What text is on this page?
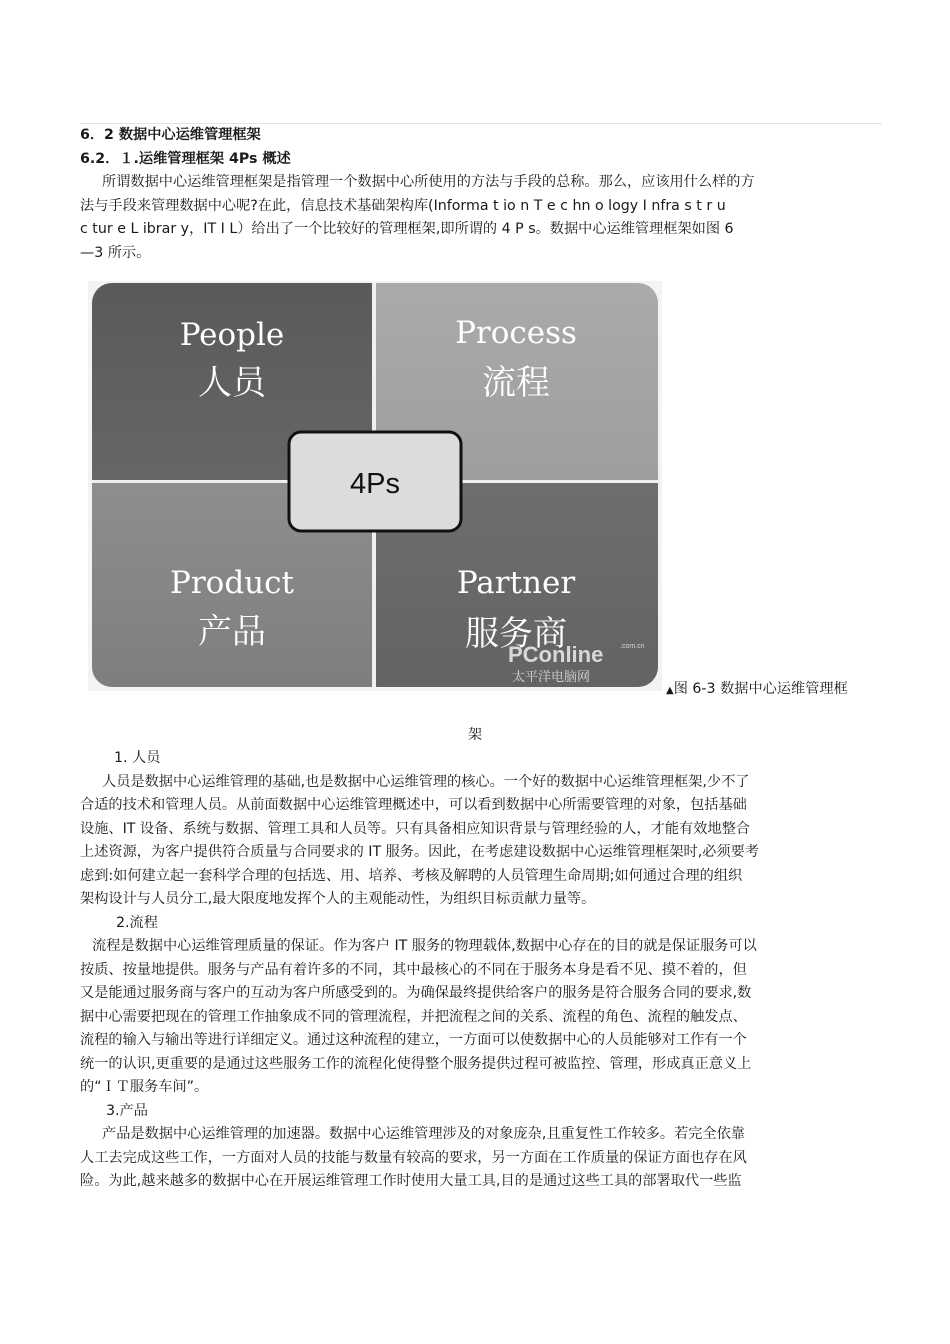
6．2 数据中心运维管理框架
6.2．１.运维管理框架 4Ps 概述

所谓数据中心运维管理框架是指管理一个数据中心所使用的方法与手段的总称。那么，应该用什么样的方

法与手段来管理数据中心呢?在此，信息技术基础架构库(Informa t io n T e c hn o logy I nfra s t r u

c tur e L ibrar y，IT I L）给出了一个比较好的管理框架,即所谓的 4 P s。数据中心运维管理框架如图 6

—3 所示。

People
人员
Process
流程
Product
产品
Partner
服务商
4Ps
PConline .com.cn
太平洋电脑网
▲图 6-3 数据中心运维管理框
架

1. 人员

人员是数据中心运维管理的基础,也是数据中心运维管理的核心。一个好的数据中心运维管理框架,少不了

合适的技术和管理人员。从前面数据中心运维管理概述中，可以看到数据中心所需要管理的对象，包括基础

设施、IT 设备、系统与数据、管理工具和人员等。只有具备相应知识背景与管理经验的人，才能有效地整合

上述资源，为客户提供符合质量与合同要求的 IT 服务。因此，在考虑建设数据中心运维管理框架时,必须要考

虑到:如何建立起一套科学合理的包括选、用、培养、考核及解聘的人员管理生命周期;如何通过合理的组织

架构设计与人员分工,最大限度地发挥个人的主观能动性，为组织目标贡献力量等。

2.流程

流程是数据中心运维管理质量的保证。作为客户 IT 服务的物理载体,数据中心存在的目的就是保证服务可以

按质、按量地提供。服务与产品有着许多的不同，其中最核心的不同在于服务本身是看不见、摸不着的，但

又是能通过服务商与客户的互动为客户所感受到的。为确保最终提供给客户的服务是符合服务合同的要求,数

据中心需要把现在的管理工作抽象成不同的管理流程，并把流程之间的关系、流程的角色、流程的触发点、

流程的输入与输出等进行详细定义。通过这种流程的建立，一方面可以使数据中心的人员能够对工作有一个

统一的认识,更重要的是通过这些服务工作的流程化使得整个服务提供过程可被监控、管理，形成真正意义上

的“ＩＴ服务车间”。

3.产品

产品是数据中心运维管理的加速器。数据中心运维管理涉及的对象庞杂,且重复性工作较多。若完全依靠

人工去完成这些工作，一方面对人员的技能与数量有较高的要求，另一方面在工作质量的保证方面也存在风

险。为此,越来越多的数据中心在开展运维管理工作时使用大量工具,目的是通过这些工具的部署取代一些监
